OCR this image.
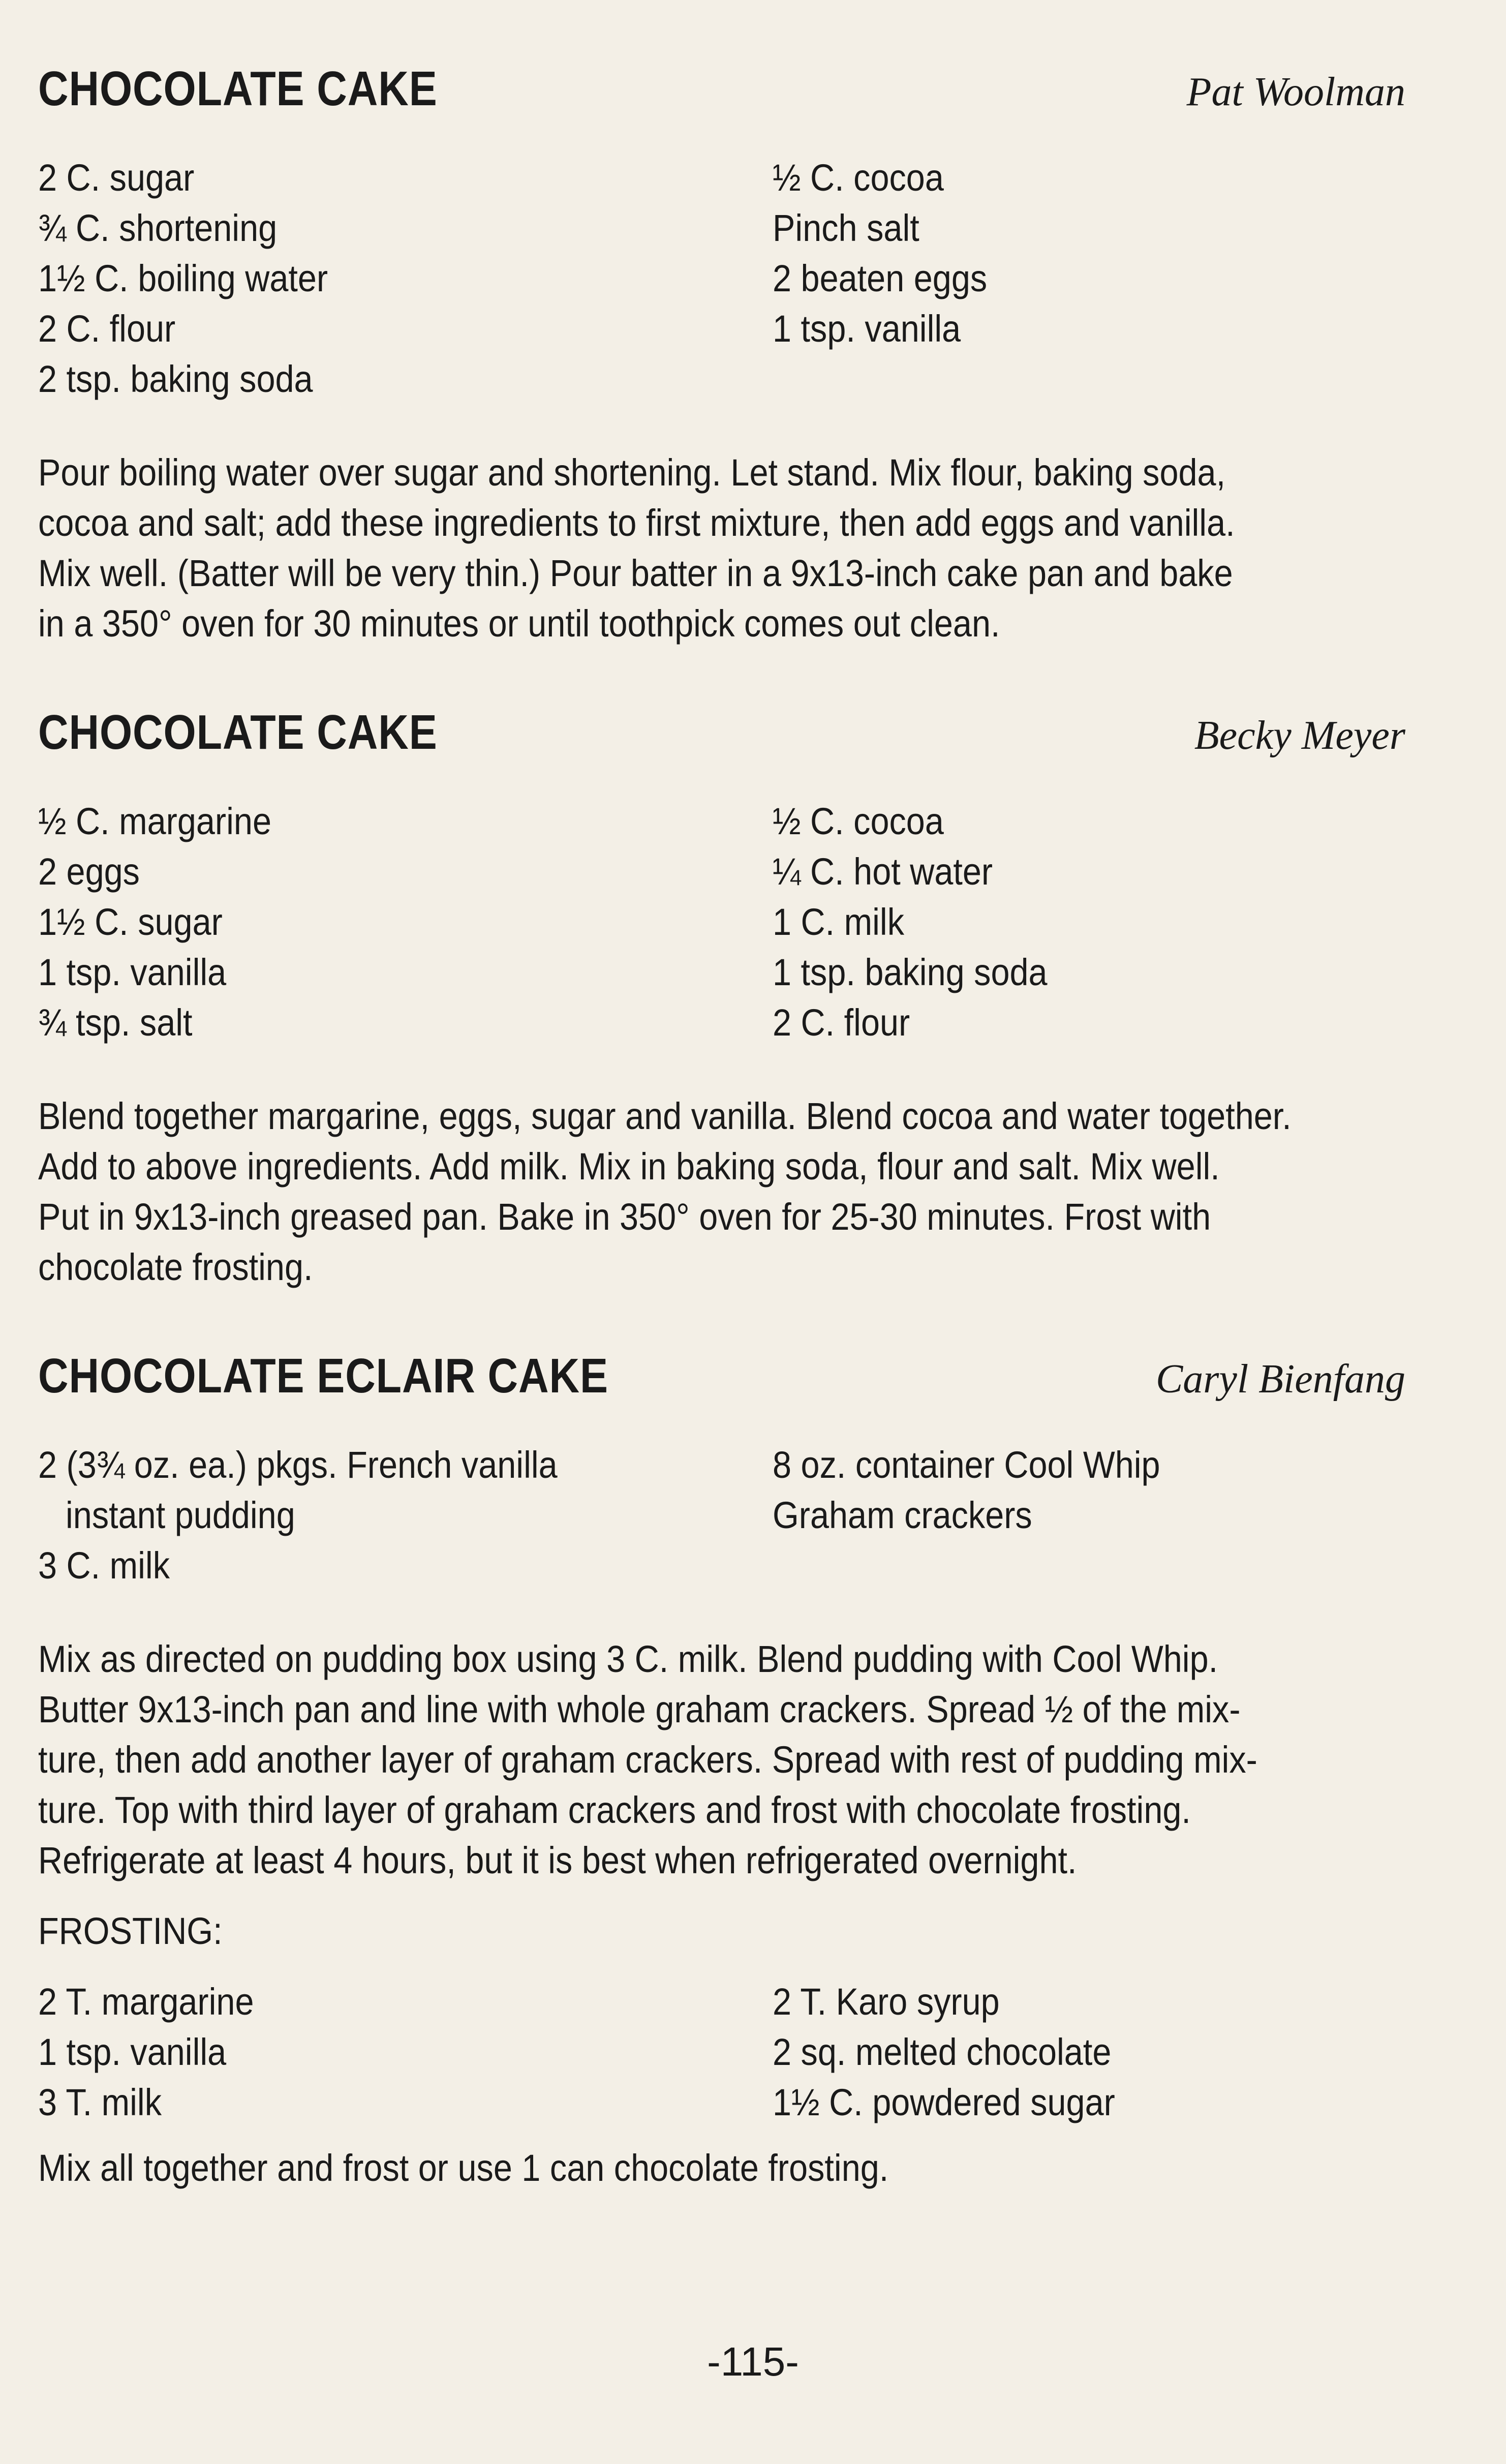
CHOCOLATE CAKE	Pat Woolman
2 C. sugar
¾ C. shortening
1½ C. boiling water
2 C. flour
2 tsp. baking soda
½ C. cocoa
Pinch salt
2 beaten eggs
1 tsp. vanilla
Pour boiling water over sugar and shortening. Let stand. Mix flour, baking soda,
cocoa and salt; add these ingredients to first mixture, then add eggs and vanilla.
Mix well. (Batter will be very thin.) Pour batter in a 9x13-inch cake pan and bake
in a 350° oven for 30 minutes or until toothpick comes out clean.
CHOCOLATE CAKE	Becky Meyer
½ C. margarine
2 eggs
1½ C. sugar
1 tsp. vanilla
¾ tsp. salt
½ C. cocoa
¼ C. hot water
1 C. milk
1 tsp. baking soda
2 C. flour
Blend together margarine, eggs, sugar and vanilla. Blend cocoa and water together.
Add to above ingredients. Add milk. Mix in baking soda, flour and salt. Mix well.
Put in 9x13-inch greased pan. Bake in 350° oven for 25-30 minutes. Frost with
chocolate frosting.
CHOCOLATE ECLAIR CAKE	Caryl Bienfang
2 (3¾ oz. ea.) pkgs. French vanilla
instant pudding
3 C. milk
8 oz. container Cool Whip
Graham crackers
Mix as directed on pudding box using 3 C. milk. Blend pudding with Cool Whip.
Butter 9x13-inch pan and line with whole graham crackers. Spread ½ of the mix-
ture, then add another layer of graham crackers. Spread with rest of pudding mix-
ture. Top with third layer of graham crackers and frost with chocolate frosting.
Refrigerate at least 4 hours, but it is best when refrigerated overnight.
FROSTING:
2 T. margarine
1 tsp. vanilla
3 T. milk
2 T. Karo syrup
2 sq. melted chocolate
1½ C. powdered sugar
Mix all together and frost or use 1 can chocolate frosting.
-115-
